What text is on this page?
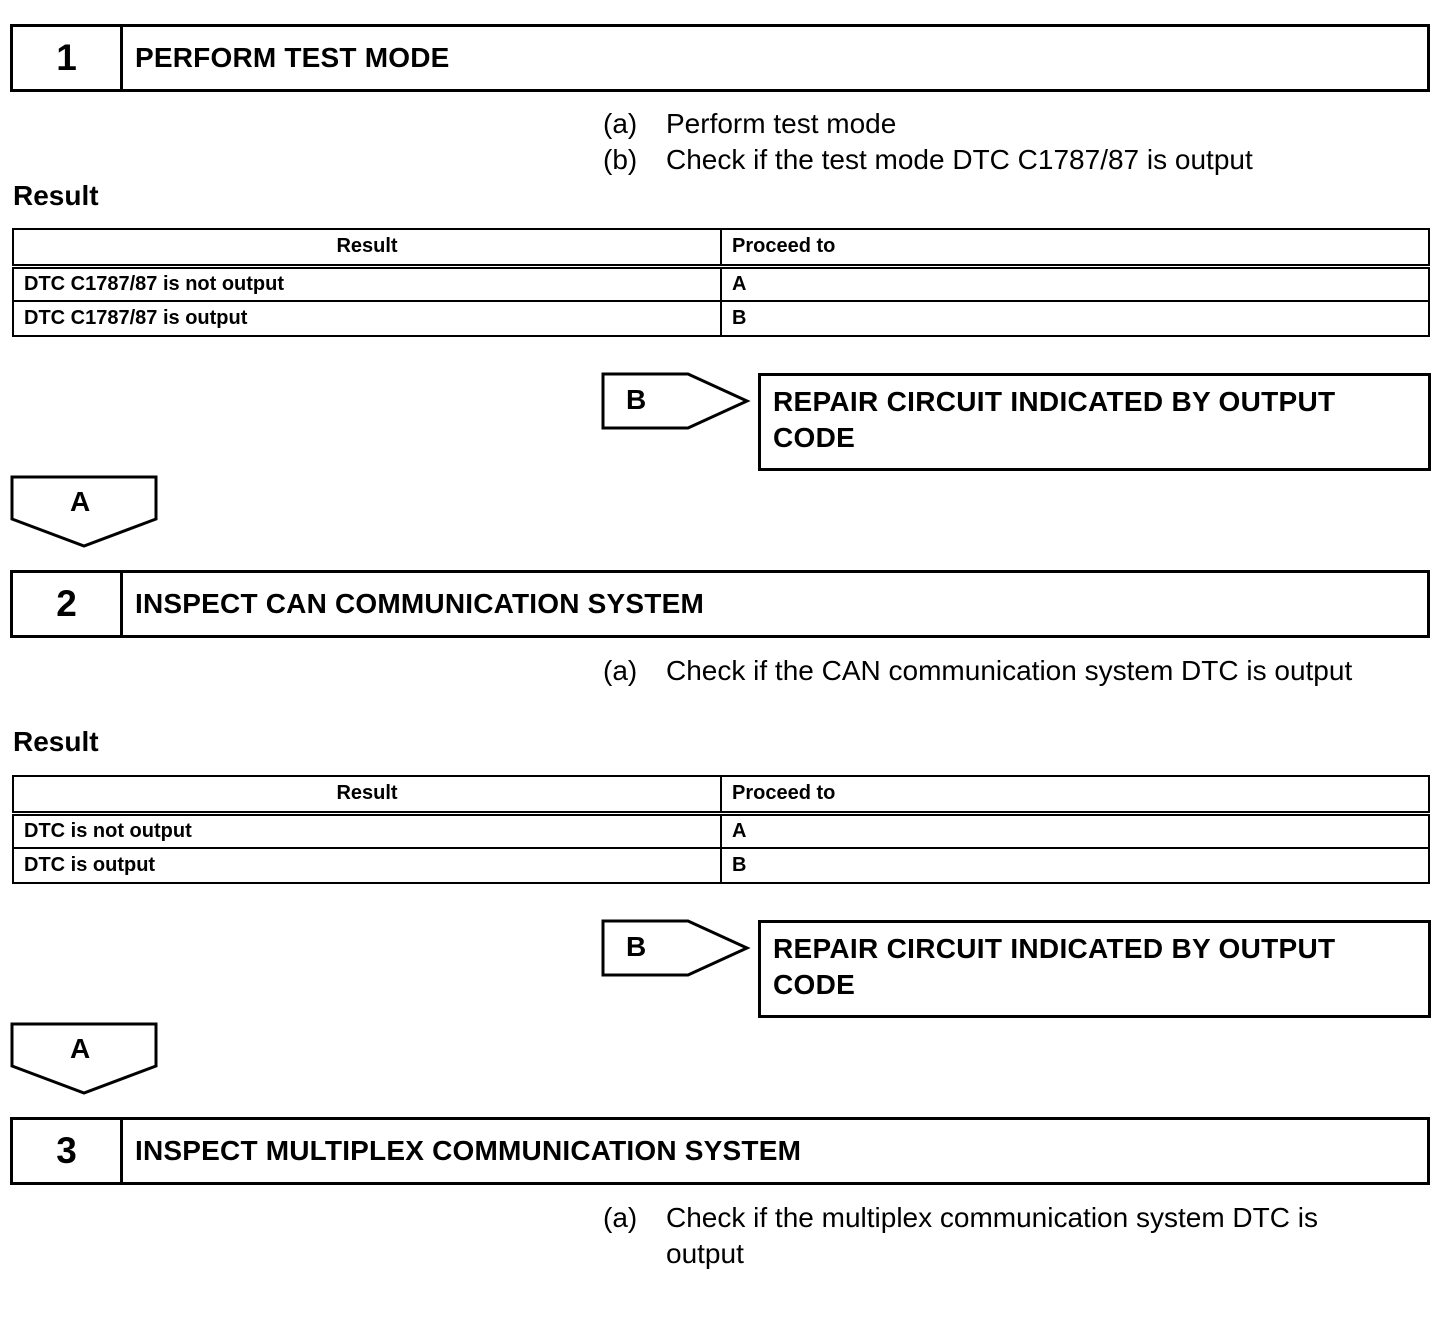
1	PERFORM TEST MODE
(a)	Perform test mode
(b)	Check if the test mode DTC C1787/87 is output
Result
Result	Proceed to
DTC C1787/87 is not output	A
DTC C1787/87 is output	B
B	REPAIR CIRCUIT INDICATED BY OUTPUT CODE
A
2	INSPECT CAN COMMUNICATION SYSTEM
(a)	Check if the CAN communication system DTC is output
Result
Result	Proceed to
DTC is not output	A
DTC is output	B
B	REPAIR CIRCUIT INDICATED BY OUTPUT CODE
A
3	INSPECT MULTIPLEX COMMUNICATION SYSTEM
(a)	Check if the multiplex communication system DTC is output
